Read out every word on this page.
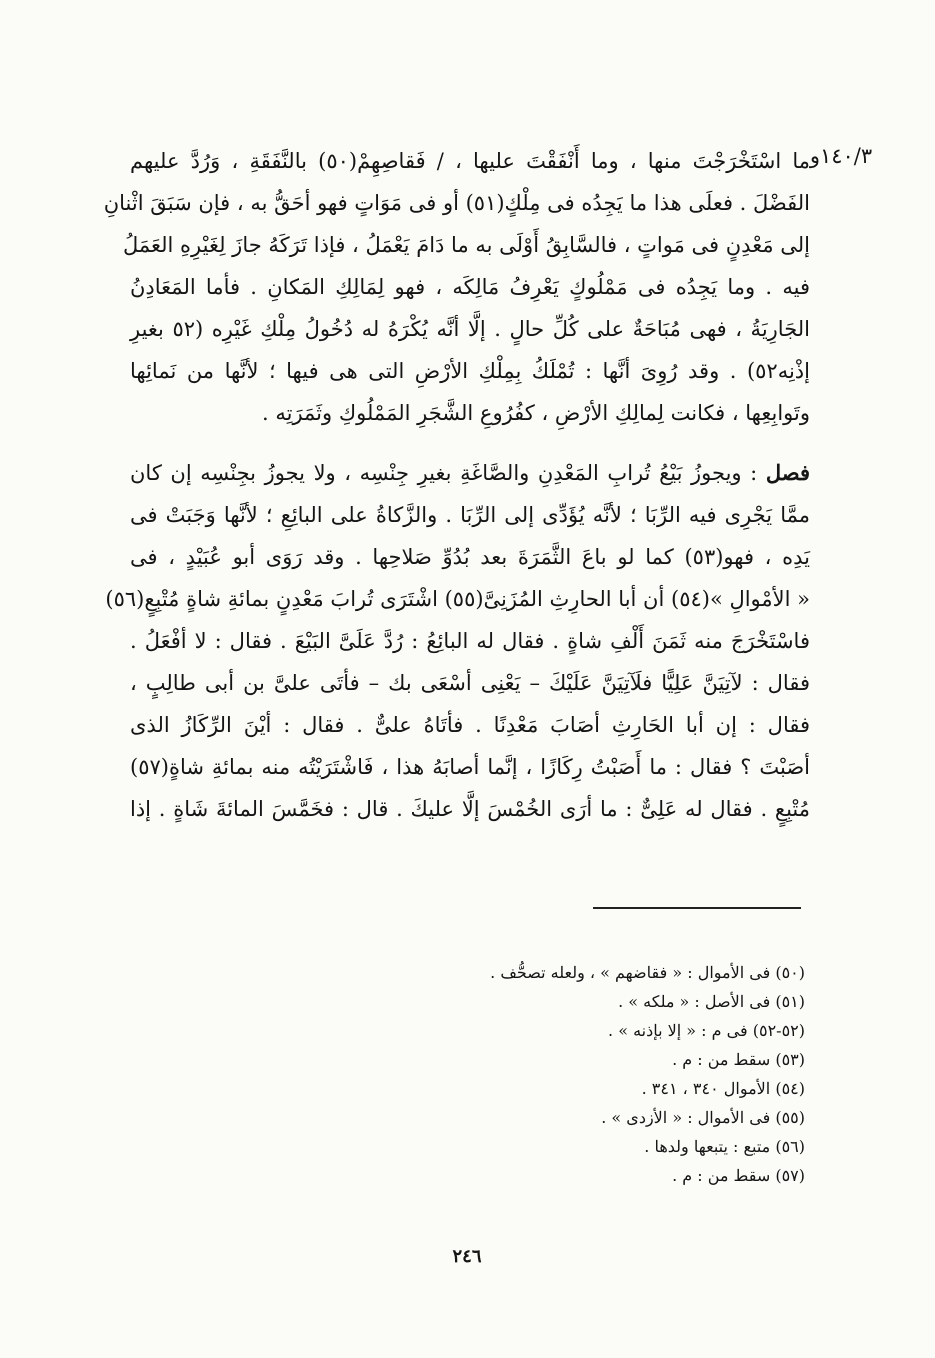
١٤٠/٣و
ما اسْتَخْرَجْتَ منها ، وما أَنْفَقْتَ عليها ، / فَقاصِهِمْ(٥٠) بالنَّفَقَةِ ، وَرُدَّ عليهم
الفَضْلَ . فعلَى هذا ما يَجِدُه فى مِلْكٍ(٥١) أو فى مَوَاتٍ فهو أحَقُّ به ، فإن سَبَقَ اثْنانِ
إلى مَعْدِنٍ فى مَواتٍ ، فالسَّابِقُ أَوْلَى به ما دَامَ يَعْمَلُ ، فإذا تَرَكَهُ جازَ لِغَيْرِهِ العَمَلُ
فيه . وما يَجِدُه فى مَمْلُوكٍ يَعْرِفُ مَالِكَه ، فهو لِمَالِكِ المَكانِ . فأما المَعَادِنُ
الجَارِيَةُ ، فهى مُبَاحَةٌ على كُلِّ حالٍ . إلَّا أنَّه يُكْرَهُ له دُخُولُ مِلْكِ غَيْرِه (٥٢ بغيرِ
إذْنِه٥٢) . وقد رُوِىَ أنَّها : تُمْلَكُ بِمِلْكِ الأرْضِ التى هى فيها ؛ لأنَّها من نَمائِها
وتَوابِعِها ، فكانت لِمالِكِ الأرْضِ ، كفُرُوعِ الشَّجَرِ المَمْلُوكِ وثَمَرَتِه .
فصل : ويجوزُ بَيْعُ تُرابِ المَعْدِنِ والصَّاغَةِ بغيرِ جِنْسِه ، ولا يجوزُ بجِنْسِه إن كان
ممَّا يَجْرِى فيه الرِّبَا ؛ لأنَّه يُؤَدِّى إلى الرِّبَا . والزَّكاةُ على البائِعِ ؛ لأنَّها وَجَبَتْ فى
يَدِه ، فهو(٥٣) كما لو باعَ الثَّمَرَةَ بعد بُدُوِّ صَلاحِها . وقد رَوَى أبو عُبَيْدٍ ، فى
« الأمْوالِ »(٥٤) أن أبا الحارِثِ المُزَنِىَّ(٥٥) اشْتَرَى تُرابَ مَعْدِنٍ بمائةِ شاةٍ مُتْبِعٍ(٥٦)
فاسْتَخْرَجَ منه ثَمَنَ أَلْفِ شاةٍ . فقال له البائِعُ : رُدَّ عَلَىَّ البَيْعَ . فقال : لا أفْعَلُ .
فقال : لآتِيَنَّ عَلِيًّا فلَآتِيَنَّ عَلَيْكَ – يَعْنِى أسْعَى بك – فأتَى علىَّ بن أبى طالِبٍ ،
فقال : إن أبا الحَارِثِ أصَابَ مَعْدِنًا . فأتَاهُ علىٌّ . فقال : أيْنَ الرِّكَازُ الذى
أصَبْتَ ؟ فقال : ما أَصَبْتُ رِكَازًا ، إنَّما أصابَهُ هذا ، فَاشْتَرَيْتُه منه بمائةِ شاةٍ(٥٧)
مُتْبِعٍ . فقال له عَلِىٌّ : ما أرَى الخُمْسَ إلَّا عليكَ . قال : فخَمَّسَ المائةَ شَاةٍ . إذا
(٥٠) فى الأموال : « فقاضهم » ، ولعله تصحُّف .
(٥١) فى الأصل : « ملكه » .
(٥٢-٥٢) فى م : « إلا بإذنه » .
(٥٣) سقط من : م .
(٥٤) الأموال ٣٤٠ ، ٣٤١ .
(٥٥) فى الأموال : « الأزدى » .
(٥٦) متبع : يتبعها ولدها .
(٥٧) سقط من : م .
٢٤٦
